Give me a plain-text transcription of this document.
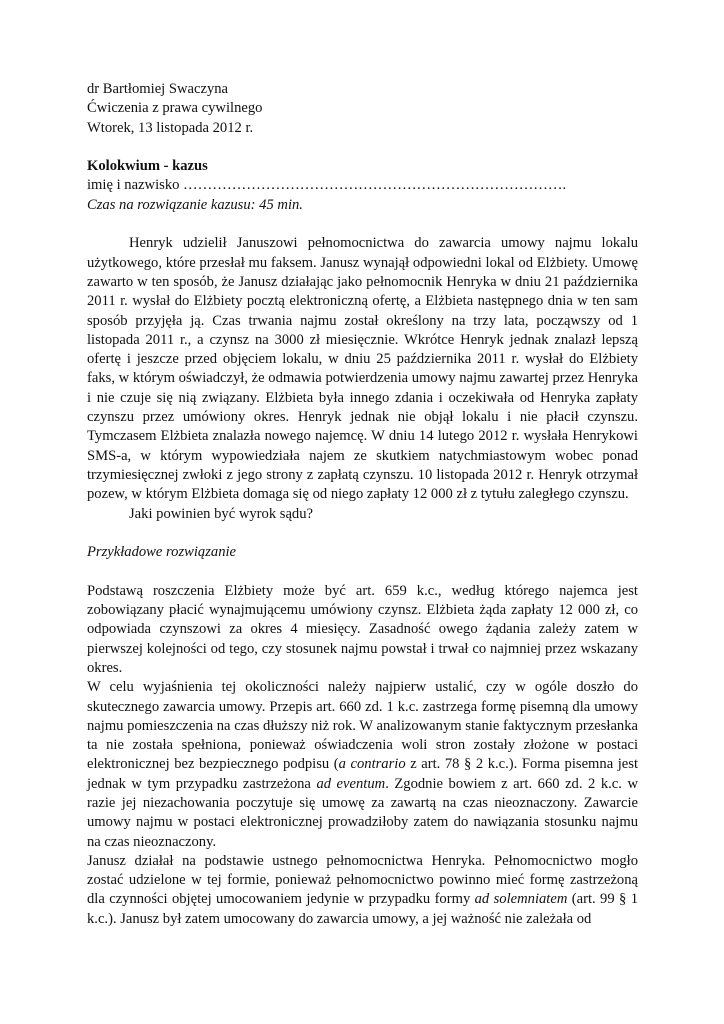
dr Bartłomiej Swaczyna
Ćwiczenia z prawa cywilnego
Wtorek, 13 listopada 2012 r.
Kolokwium - kazus
imię i nazwisko …………………………………………………………………….
Czas na rozwiązanie kazusu: 45 min.

Henryk udzielił Januszowi pełnomocnictwa do zawarcia umowy najmu lokalu użytkowego, które przesłał mu faksem. Janusz wynajął odpowiedni lokal od Elżbiety. Umowę zawarto w ten sposób, że Janusz działając jako pełnomocnik Henryka w dniu 21 października 2011 r. wysłał do Elżbiety pocztą elektroniczną ofertę, a Elżbieta następnego dnia w ten sam sposób przyjęła ją. Czas trwania najmu został określony na trzy lata, począwszy od 1 listopada 2011 r., a czynsz na 3000 zł miesięcznie. Wkrótce Henryk jednak znalazł lepszą ofertę i jeszcze przed objęciem lokalu, w dniu 25 października 2011 r. wysłał do Elżbiety faks, w którym oświadczył, że odmawia potwierdzenia umowy najmu zawartej przez Henryka i nie czuje się nią związany. Elżbieta była innego zdania i oczekiwała od Henryka zapłaty czynszu przez umówiony okres. Henryk jednak nie objął lokalu i nie płacił czynszu. Tymczasem Elżbieta znalazła nowego najemcę. W dniu 14 lutego 2012 r. wysłała Henrykowi SMS-a, w którym wypowiedziała najem ze skutkiem natychmiastowym wobec ponad trzymiesięcznej zwłoki z jego strony z zapłatą czynszu. 10 listopada 2012 r. Henryk otrzymał pozew, w którym Elżbieta domaga się od niego zapłaty 12 000 zł z tytułu zaległego czynszu.

Jaki powinien być wyrok sądu?

Przykładowe rozwiązanie

Podstawą roszczenia Elżbiety może być art. 659 k.c., według którego najemca jest zobowiązany płacić wynajmującemu umówiony czynsz. Elżbieta żąda zapłaty 12 000 zł, co odpowiada czynszowi za okres 4 miesięcy. Zasadność owego żądania zależy zatem w pierwszej kolejności od tego, czy stosunek najmu powstał i trwał co najmniej przez wskazany okres.

W celu wyjaśnienia tej okoliczności należy najpierw ustalić, czy w ogóle doszło do skutecznego zawarcia umowy. Przepis art. 660 zd. 1 k.c. zastrzega formę pisemną dla umowy najmu pomieszczenia na czas dłuższy niż rok. W analizowanym stanie faktycznym przesłanka ta nie została spełniona, ponieważ oświadczenia woli stron zostały złożone w postaci elektronicznej bez bezpiecznego podpisu (a contrario z art. 78 § 2 k.c.). Forma pisemna jest jednak w tym przypadku zastrzeżona ad eventum. Zgodnie bowiem z art. 660 zd. 2 k.c. w razie jej niezachowania poczytuje się umowę za zawartą na czas nieoznaczony. Zawarcie umowy najmu w postaci elektronicznej prowadziłoby zatem do nawiązania stosunku najmu na czas nieoznaczony.

Janusz działał na podstawie ustnego pełnomocnictwa Henryka. Pełnomocnictwo mogło zostać udzielone w tej formie, ponieważ pełnomocnictwo powinno mieć formę zastrzeżoną dla czynności objętej umocowaniem jedynie w przypadku formy ad solemniatem (art. 99 § 1 k.c.). Janusz był zatem umocowany do zawarcia umowy, a jej ważność nie zależała od
